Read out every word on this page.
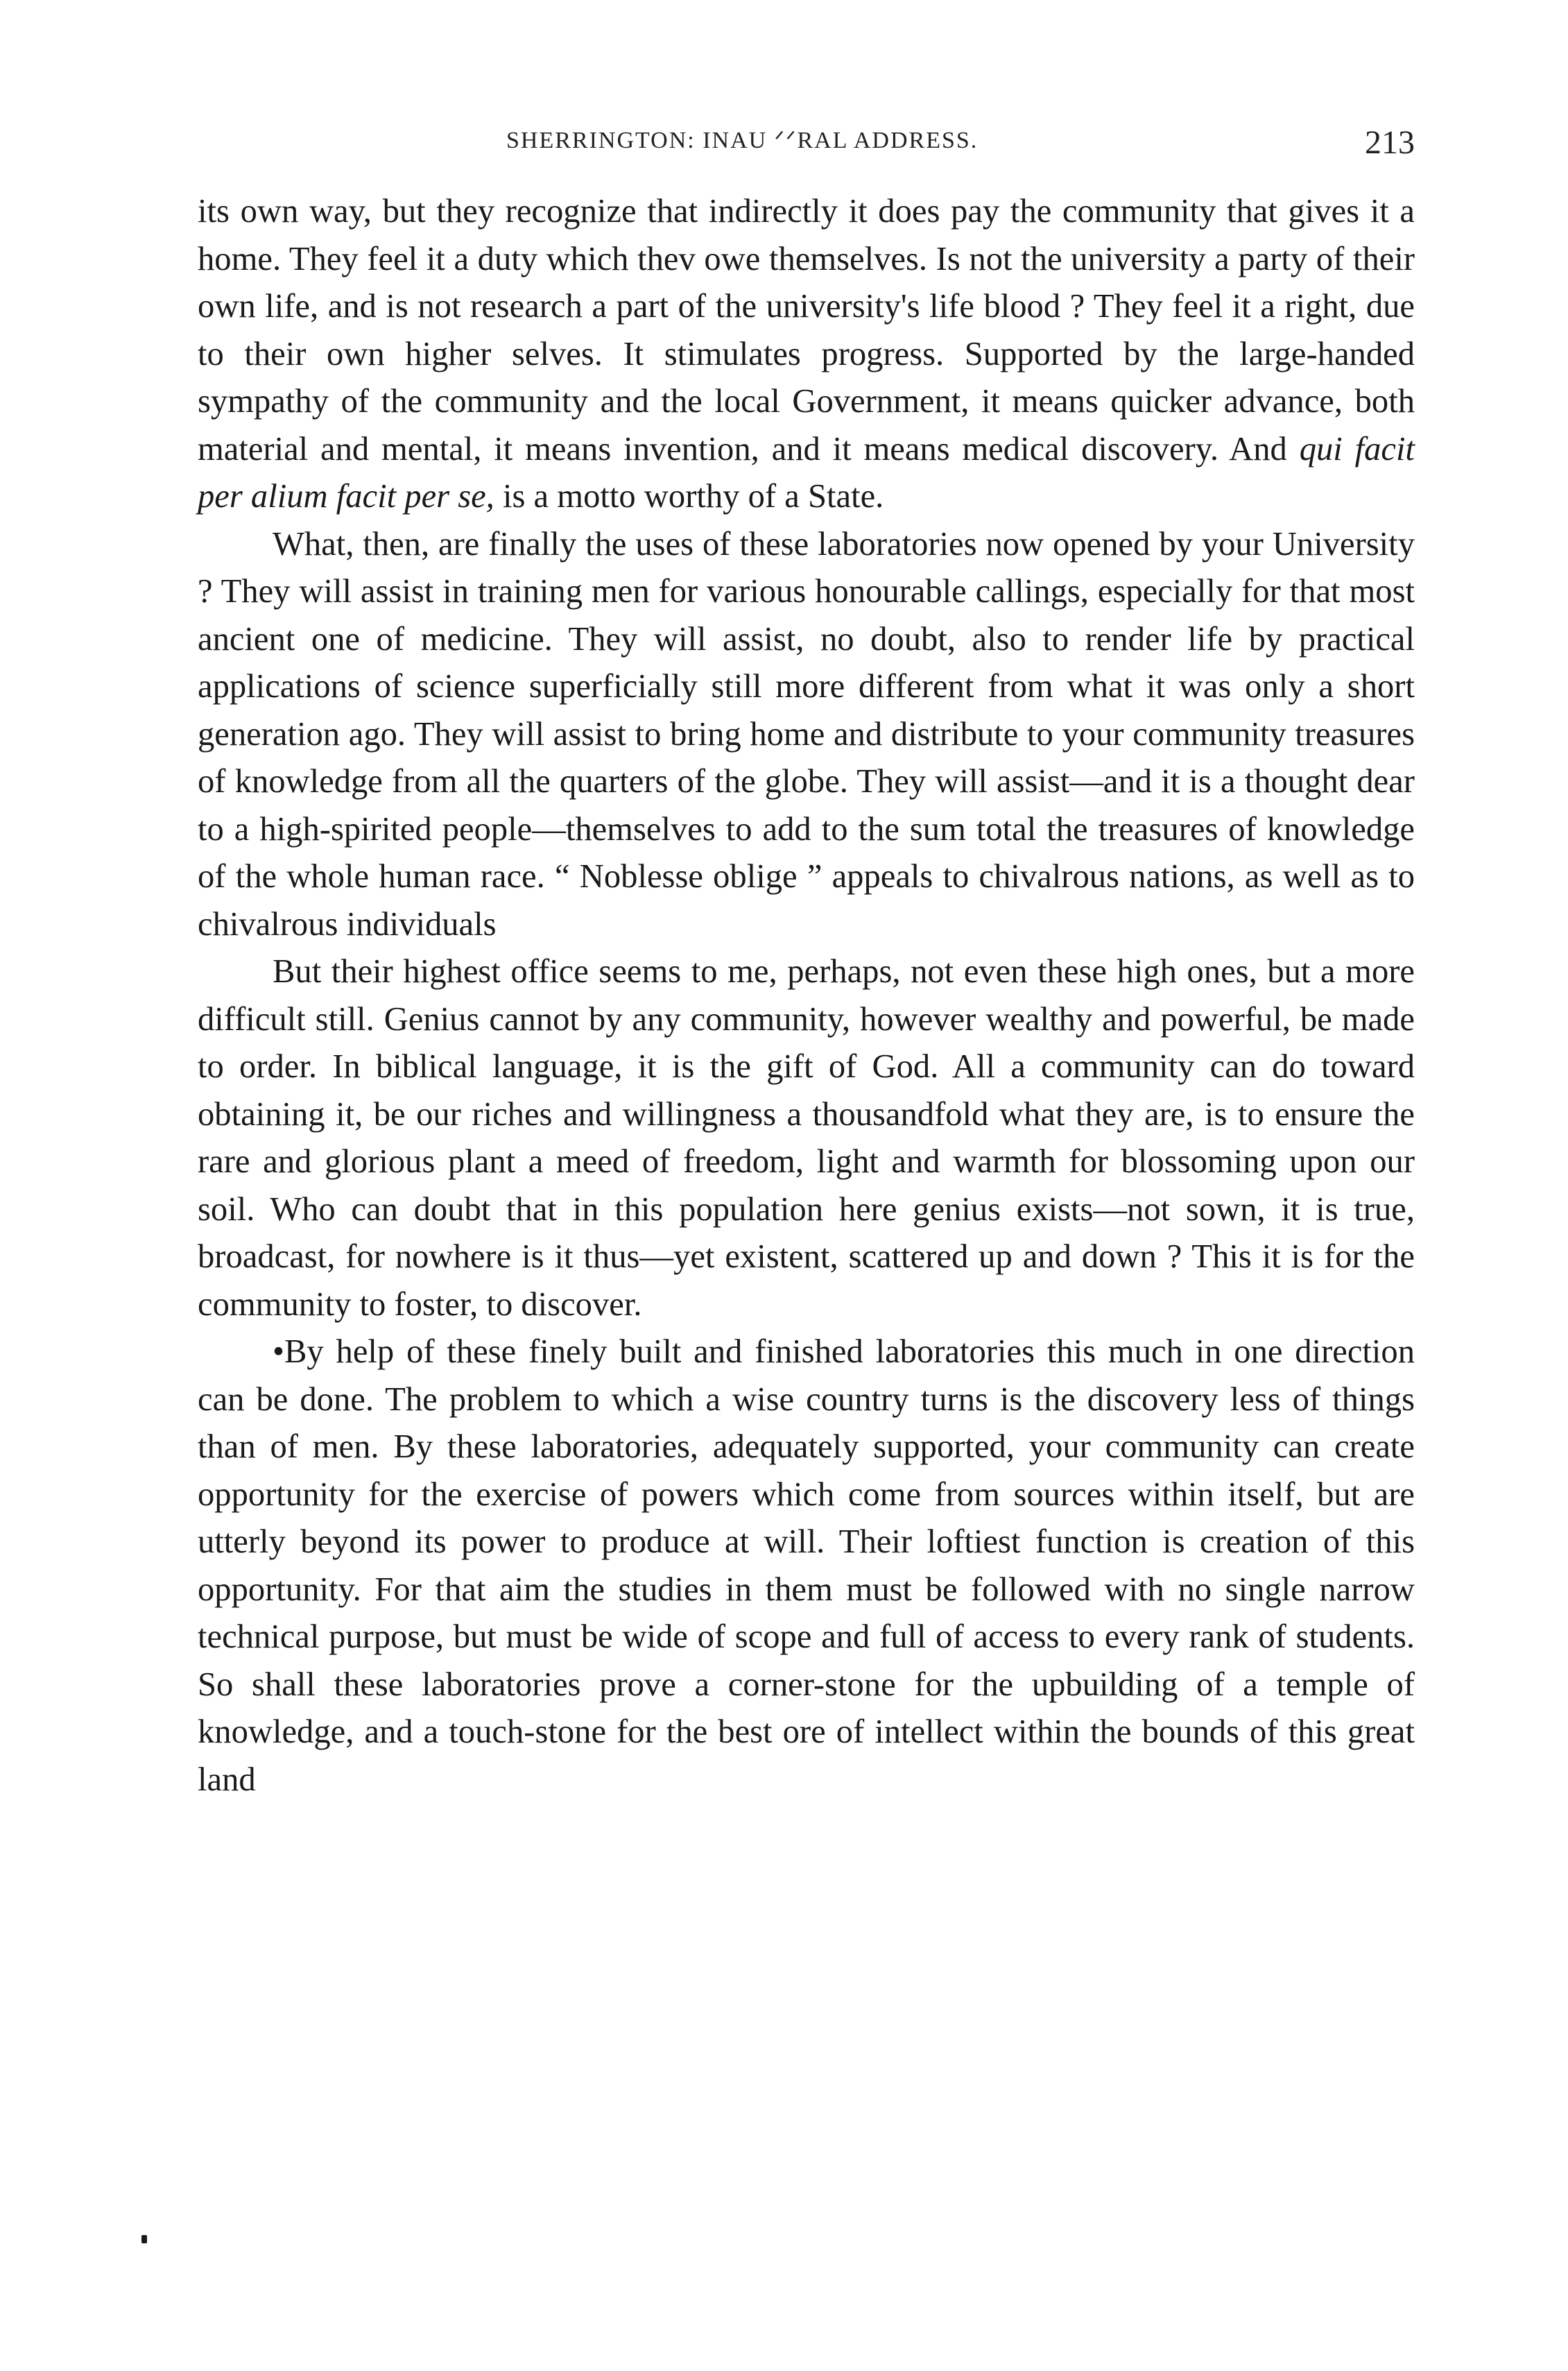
SHERRINGTON: INAU ᐟᐟRAL ADDRESS.	213

its own way, but they recognize that indirectly it does pay the community that gives it a home. They feel it a duty which thev owe themselves. Is not the university a party of their own life, and is not research a part of the university's life blood ? They feel it a right, due to their own higher selves. It stimulates progress. Supported by the large-handed sympathy of the community and the local Government, it means quicker advance, both material and mental, it means invention, and it means medical discovery. And qui facit per alium facit per se, is a motto worthy of a State.

What, then, are finally the uses of these laboratories now opened by your University ? They will assist in training men for various honourable callings, especially for that most ancient one of medicine. They will assist, no doubt, also to render life by practical applications of science superficially still more different from what it was only a short generation ago. They will assist to bring home and distribute to your community treasures of knowledge from all the quarters of the globe. They will assist—and it is a thought dear to a high-spirited people—themselves to add to the sum total the treasures of knowledge of the whole human race. “ Noblesse oblige ” appeals to chivalrous nations, as well as to chivalrous individuals

But their highest office seems to me, perhaps, not even these high ones, but a more difficult still. Genius cannot by any community, however wealthy and powerful, be made to order. In biblical language, it is the gift of God. All a community can do toward obtaining it, be our riches and willingness a thousandfold what they are, is to ensure the rare and glorious plant a meed of freedom, light and warmth for blossoming upon our soil. Who can doubt that in this population here genius exists—not sown, it is true, broadcast, for nowhere is it thus—yet existent, scattered up and down ? This it is for the community to foster, to discover.

•By help of these finely built and finished laboratories this much in one direction can be done. The problem to which a wise country turns is the discovery less of things than of men. By these laboratories, adequately supported, your community can create opportunity for the exercise of powers which come from sources within itself, but are utterly beyond its power to produce at will. Their loftiest function is creation of this opportunity. For that aim the studies in them must be followed with no single narrow technical purpose, but must be wide of scope and full of access to every rank of students. So shall these laboratories prove a corner-stone for the upbuilding of a temple of knowledge, and a touch-stone for the best ore of intellect within the bounds of this great land
